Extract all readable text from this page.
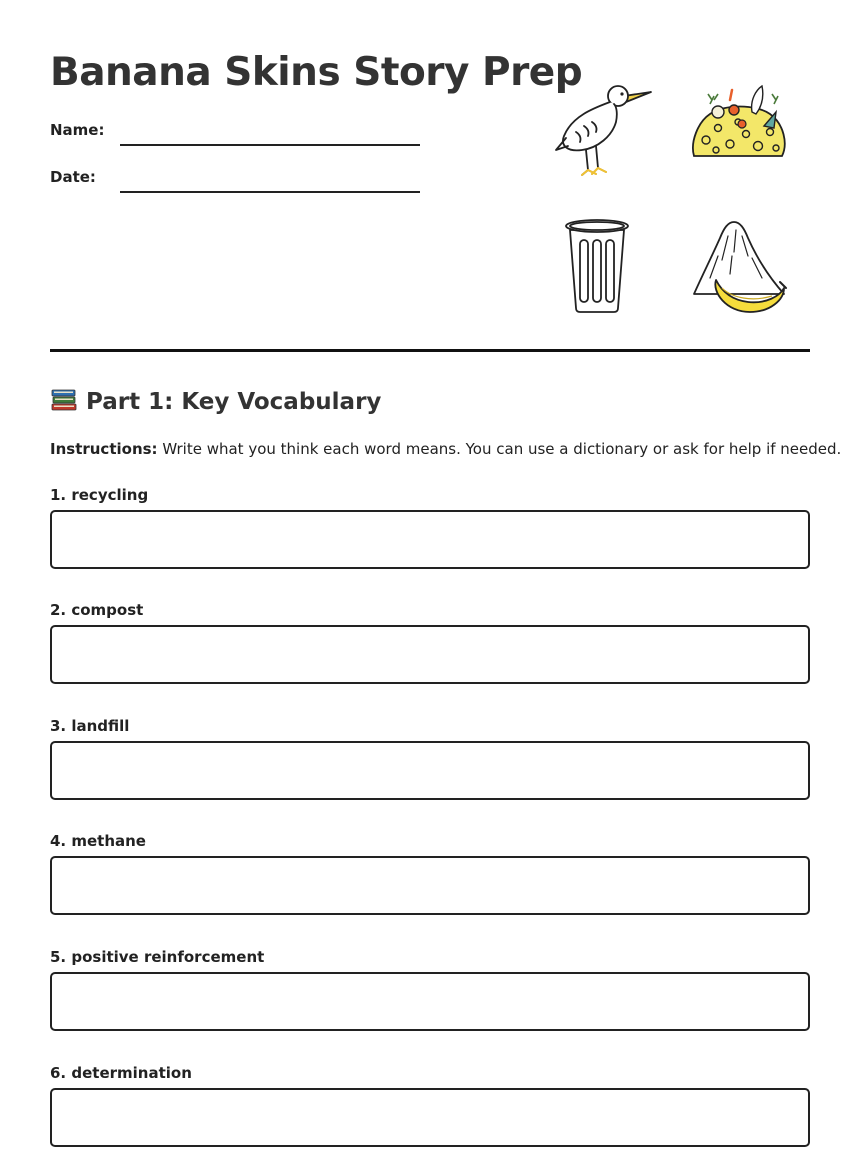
Banana Skins Story Prep
Name:
Date:
Part 1: Key Vocabulary

Instructions: Write what you think each word means. You can use a dictionary or ask for help if needed.

1. recycling
2. compost
3. landfill
4. methane
5. positive reinforcement
6. determination
